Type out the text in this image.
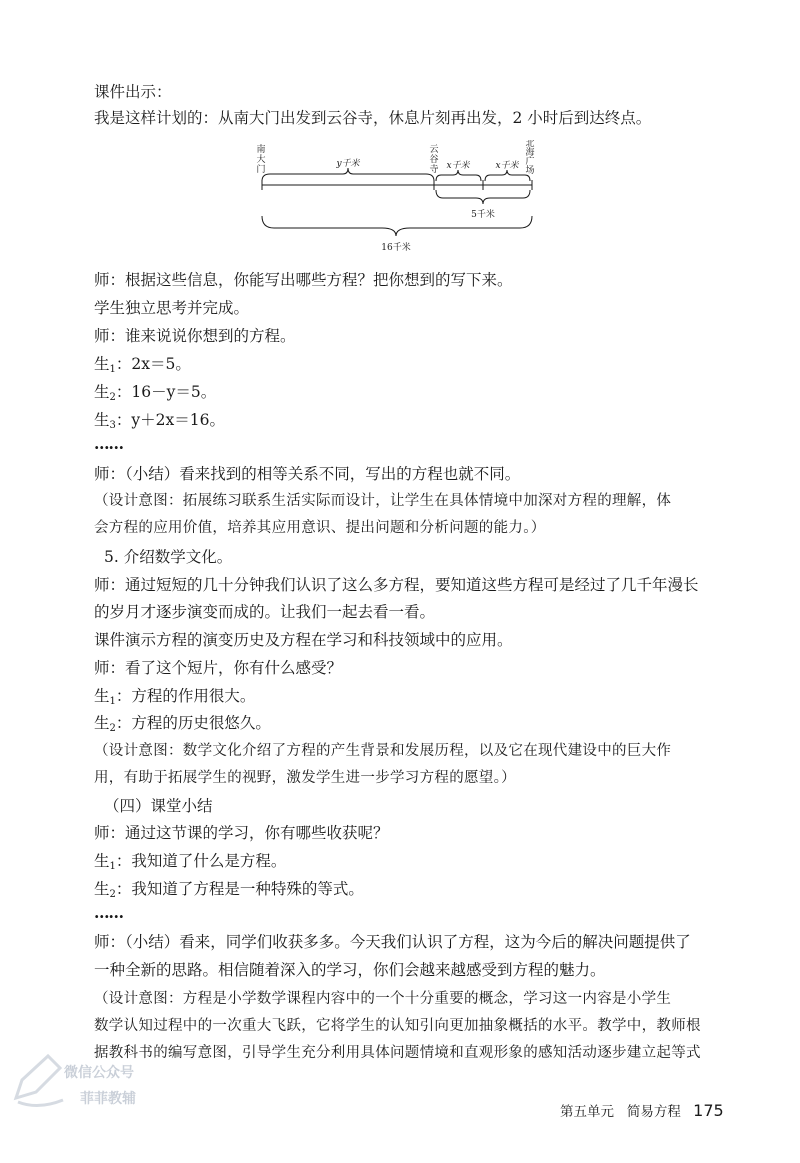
课件出示：
我是这样计划的：从南大门出发到云谷寺，休息片刻再出发，2 小时后到达终点。
南大门
云谷寺
北海广场
y千米	x千米	x千米
5千米
16千米
师：根据这些信息，你能写出哪些方程？把你想到的写下来。
学生独立思考并完成。
师：谁来说说你想到的方程。
生$_1$：2x＝5。
生$_2$：16－y＝5。
生$_3$：y＋2x＝16。
……
师：（小结）看来找到的相等关系不同，写出的方程也就不同。
（设计意图：拓展练习联系生活实际而设计，让学生在具体情境中加深对方程的理解，体
会方程的应用价值，培养其应用意识、提出问题和分析问题的能力。）
5. 介绍数学文化。
师：通过短短的几十分钟我们认识了这么多方程，要知道这些方程可是经过了几千年漫长
的岁月才逐步演变而成的。让我们一起去看一看。
课件演示方程的演变历史及方程在学习和科技领域中的应用。
师：看了这个短片，你有什么感受？
生$_1$：方程的作用很大。
生$_2$：方程的历史很悠久。
（设计意图：数学文化介绍了方程的产生背景和发展历程，以及它在现代建设中的巨大作
用，有助于拓展学生的视野，激发学生进一步学习方程的愿望。）
（四）课堂小结
师：通过这节课的学习，你有哪些收获呢？
生$_1$：我知道了什么是方程。
生$_2$：我知道了方程是一种特殊的等式。
……
师：（小结）看来，同学们收获多多。今天我们认识了方程，这为今后的解决问题提供了
一种全新的思路。相信随着深入的学习，你们会越来越感受到方程的魅力。
（设计意图：方程是小学数学课程内容中的一个十分重要的概念，学习这一内容是小学生
数学认知过程中的一次重大飞跃，它将学生的认知引向更加抽象概括的水平。教学中，教师根
据教科书的编写意图，引导学生充分利用具体问题情境和直观形象的感知活动逐步建立起等式
微信公众号
菲菲教辅
第五单元 简易方程 175
